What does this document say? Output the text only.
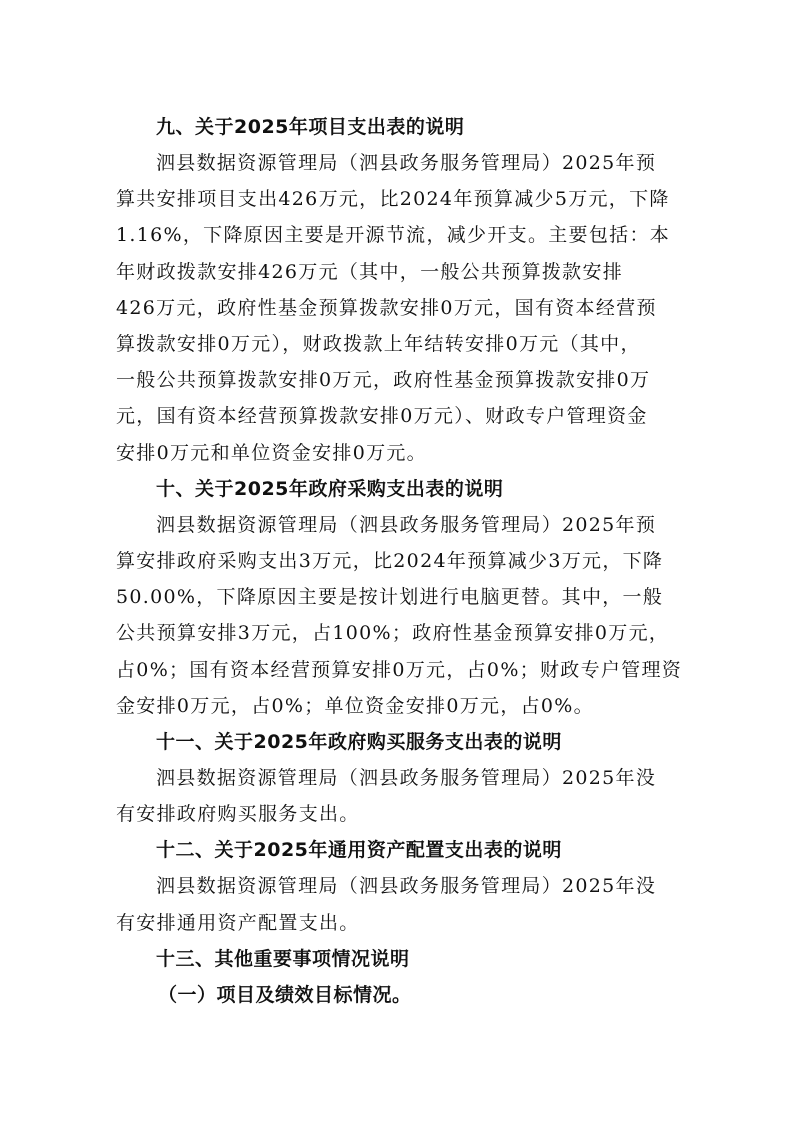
九、关于2025年项目支出表的说明
泗县数据资源管理局（泗县政务服务管理局）2025年预
算共安排项目支出426万元，比2024年预算减少5万元，下降
1.16%，下降原因主要是开源节流，减少开支。主要包括：本
年财政拨款安排426万元（其中，一般公共预算拨款安排
426万元，政府性基金预算拨款安排0万元，国有资本经营预
算拨款安排0万元），财政拨款上年结转安排0万元（其中，
一般公共预算拨款安排0万元，政府性基金预算拨款安排0万
元，国有资本经营预算拨款安排0万元）、财政专户管理资金
安排0万元和单位资金安排0万元。
十、关于2025年政府采购支出表的说明
泗县数据资源管理局（泗县政务服务管理局）2025年预
算安排政府采购支出3万元，比2024年预算减少3万元，下降
50.00%，下降原因主要是按计划进行电脑更替。其中，一般
公共预算安排3万元，占100%；政府性基金预算安排0万元，
占0%；国有资本经营预算安排0万元，占0%；财政专户管理资
金安排0万元，占0%；单位资金安排0万元，占0%。
十一、关于2025年政府购买服务支出表的说明
泗县数据资源管理局（泗县政务服务管理局）2025年没
有安排政府购买服务支出。
十二、关于2025年通用资产配置支出表的说明
泗县数据资源管理局（泗县政务服务管理局）2025年没
有安排通用资产配置支出。
十三、其他重要事项情况说明
（一）项目及绩效目标情况。
